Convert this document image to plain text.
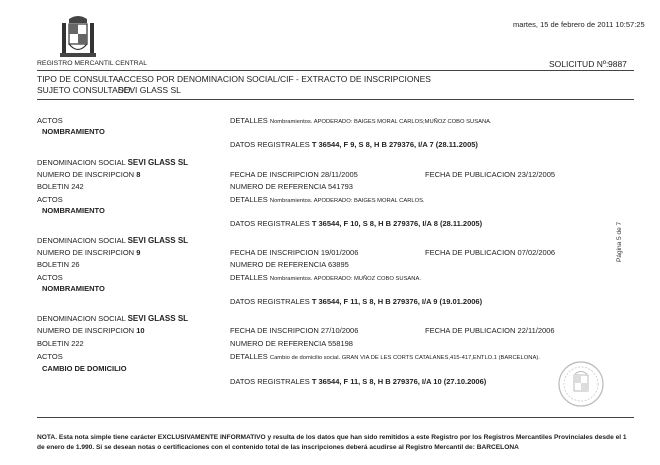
martes, 15 de febrero de 2011 10:57:25
REGISTRO MERCANTIL CENTRAL	SOLICITUD Nº: 9887
TIPO DE CONSULTA:
ACCESO POR DENOMINACION SOCIAL/CIF - EXTRACTO DE INSCRIPCIONES
SUJETO CONSULTADO:
SEVI GLASS SL
ACTOS
NOMBRAMIENTO
DETALLES Nombramientos. APODERADO: BAIGES MORAL CARLOS;MUÑOZ COBO SUSANA.
DATOS REGISTRALES T 36544, F 9, S 8, H B 279376, I/A 7 (28.11.2005)
DENOMINACION SOCIAL SEVI GLASS SL
NUMERO DE INSCRIPCION 8	FECHA DE INSCRIPCION 28/11/2005	FECHA DE PUBLICACION 23/12/2005
BOLETIN 242	NUMERO DE REFERENCIA 541793
ACTOS
NOMBRAMIENTO
DETALLES Nombramientos. APODERADO: BAIGES MORAL CARLOS.
DATOS REGISTRALES T 36544, F 10, S 8, H B 279376, I/A 8 (28.11.2005)
DENOMINACION SOCIAL SEVI GLASS SL
NUMERO DE INSCRIPCION 9	FECHA DE INSCRIPCION 19/01/2006	FECHA DE PUBLICACION 07/02/2006
BOLETIN 26	NUMERO DE REFERENCIA 63895
ACTOS
NOMBRAMIENTO
DETALLES Nombramientos. APODERADO: MUÑOZ COBO SUSANA.
DATOS REGISTRALES T 36544, F 11, S 8, H B 279376, I/A 9 (19.01.2006)
DENOMINACION SOCIAL SEVI GLASS SL
NUMERO DE INSCRIPCION 10	FECHA DE INSCRIPCION 27/10/2006	FECHA DE PUBLICACION 22/11/2006
BOLETIN 222	NUMERO DE REFERENCIA 558198
ACTOS
CAMBIO DE DOMICILIO
DETALLES Cambio de domicilio social. GRAN VIA DE LES CORTS CATALANES,415-417,ENTLO.1 (BARCELONA).
DATOS REGISTRALES T 36544, F 11, S 8, H B 279376, I/A 10 (27.10.2006)
Página 5 de 7
NOTA. Esta nota simple tiene carácter EXCLUSIVAMENTE INFORMATIVO y resulta de los datos que han sido remitidos a este Registro por los Registros Mercantiles Provinciales desde el 1 de enero de 1.990. Si se desean notas o certificaciones con el contenido total de las inscripciones deberá acudirse al Registro Mercantil de: BARCELONA
